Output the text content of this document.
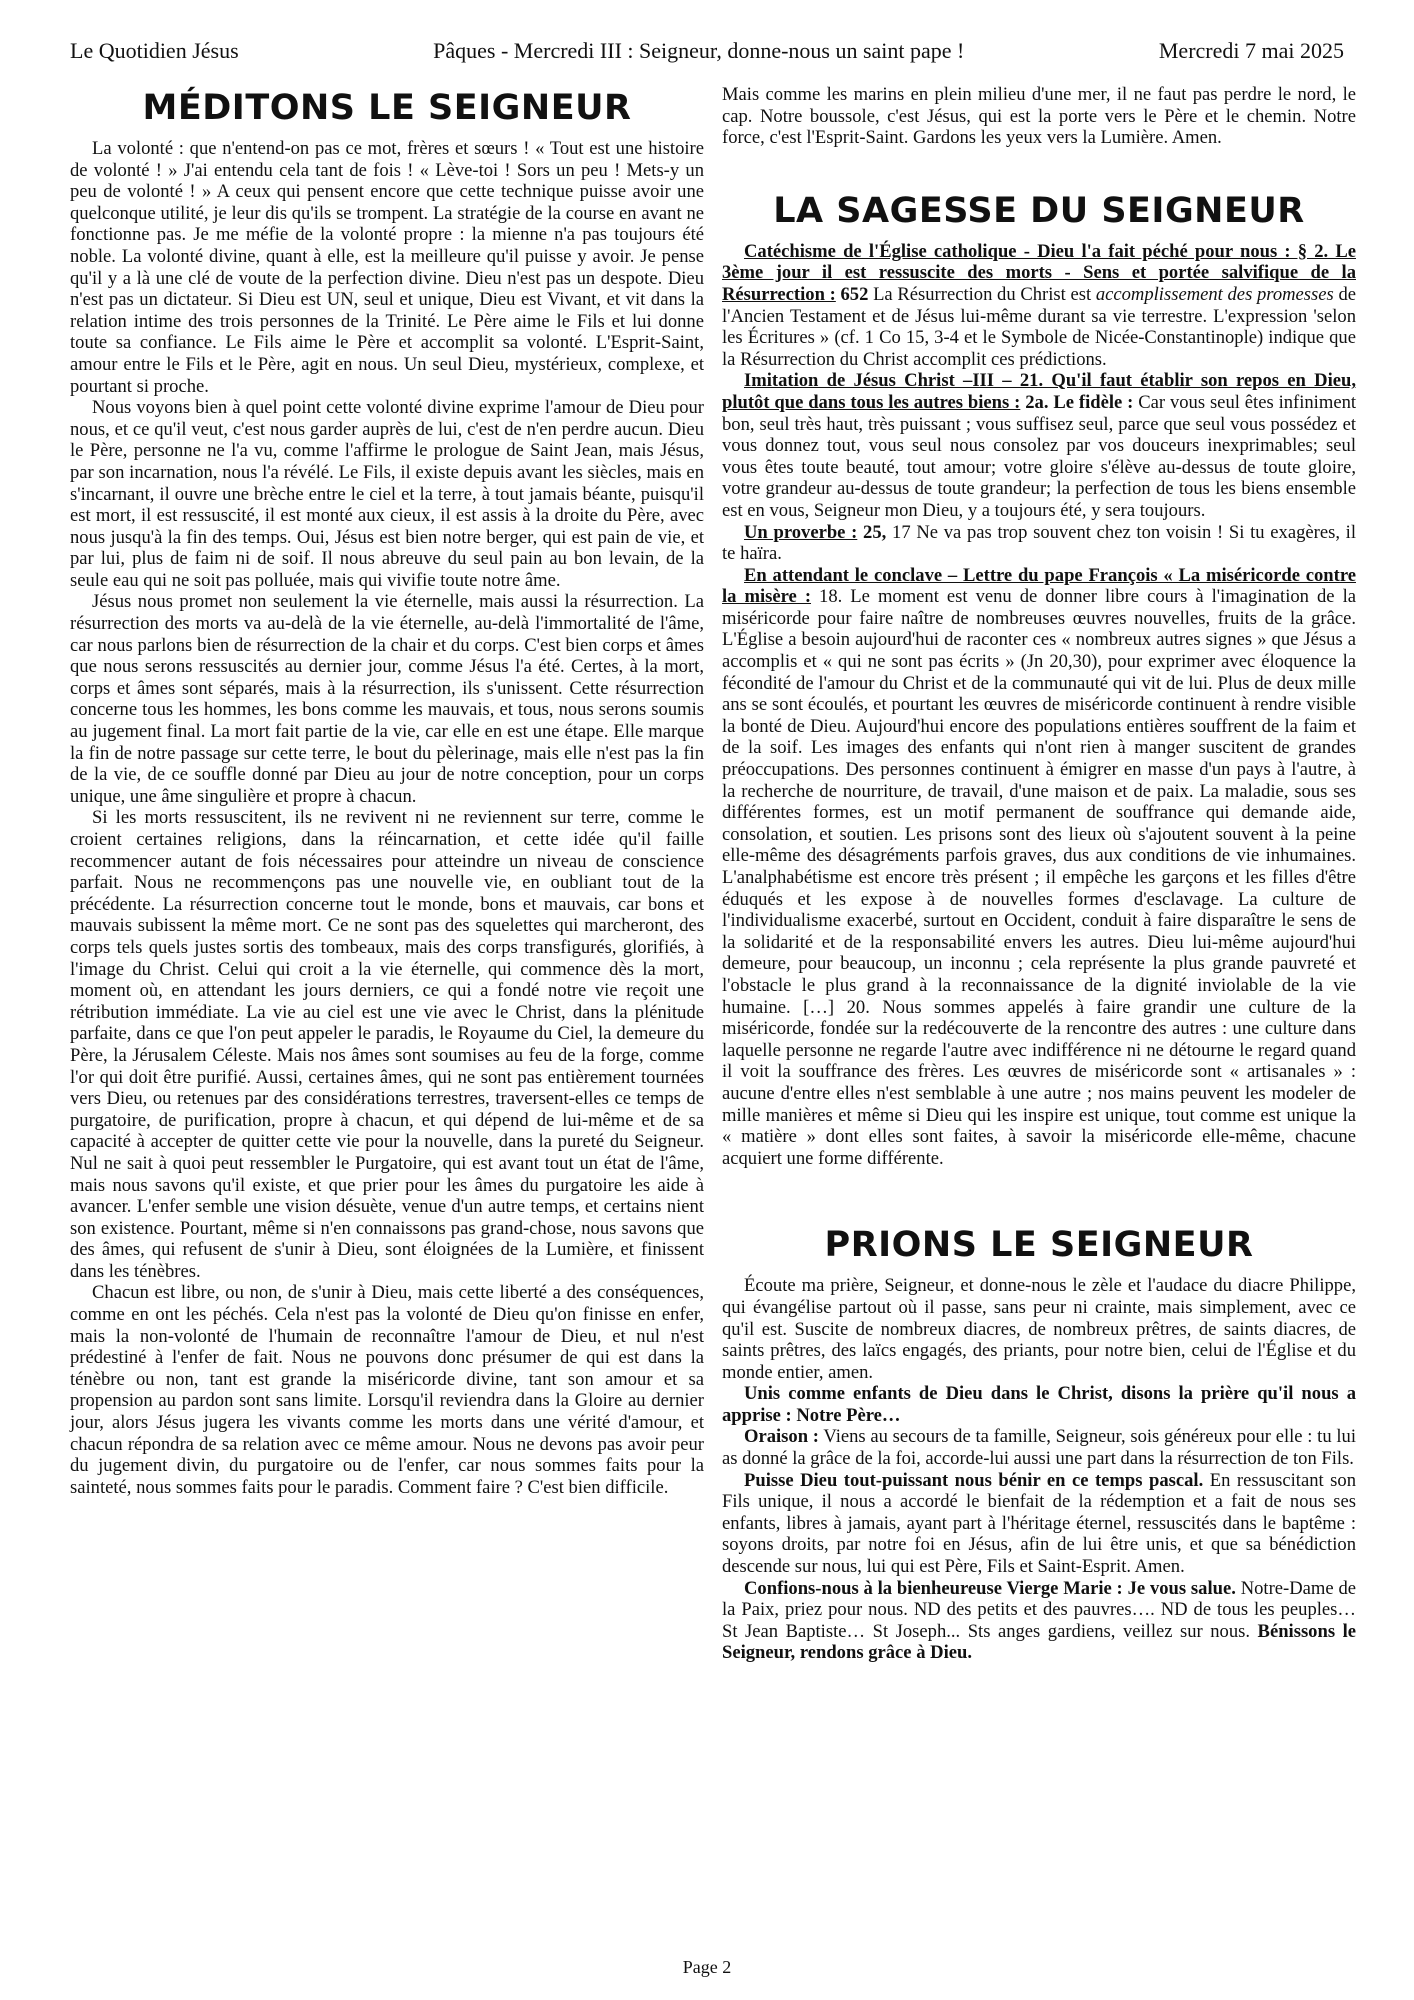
Le Quotidien Jésus	Pâques - Mercredi III : Seigneur, donne-nous un saint pape !	Mercredi 7 mai 2025
MÉDITONS LE SEIGNEUR

La volonté : que n'entend-on pas ce mot, frères et sœurs ! « Tout est une histoire de volonté ! » J'ai entendu cela tant de fois ! « Lève-toi ! Sors un peu ! Mets-y un peu de volonté ! » A ceux qui pensent encore que cette technique puisse avoir une quelconque utilité, je leur dis qu'ils se trompent. La stratégie de la course en avant ne fonctionne pas. Je me méfie de la volonté propre : la mienne n'a pas toujours été noble. La volonté divine, quant à elle, est la meilleure qu'il puisse y avoir. Je pense qu'il y a là une clé de voute de la perfection divine. Dieu n'est pas un despote. Dieu n'est pas un dictateur. Si Dieu est UN, seul et unique, Dieu est Vivant, et vit dans la relation intime des trois personnes de la Trinité. Le Père aime le Fils et lui donne toute sa confiance. Le Fils aime le Père et accomplit sa volonté. L'Esprit-Saint, amour entre le Fils et le Père, agit en nous. Un seul Dieu, mystérieux, complexe, et pourtant si proche.

Nous voyons bien à quel point cette volonté divine exprime l'amour de Dieu pour nous, et ce qu'il veut, c'est nous garder auprès de lui, c'est de n'en perdre aucun. Dieu le Père, personne ne l'a vu, comme l'affirme le prologue de Saint Jean, mais Jésus, par son incarnation, nous l'a révélé. Le Fils, il existe depuis avant les siècles, mais en s'incarnant, il ouvre une brèche entre le ciel et la terre, à tout jamais béante, puisqu'il est mort, il est ressuscité, il est monté aux cieux, il est assis à la droite du Père, avec nous jusqu'à la fin des temps. Oui, Jésus est bien notre berger, qui est pain de vie, et par lui, plus de faim ni de soif. Il nous abreuve du seul pain au bon levain, de la seule eau qui ne soit pas polluée, mais qui vivifie toute notre âme.

Jésus nous promet non seulement la vie éternelle, mais aussi la résurrection. La résurrection des morts va au-delà de la vie éternelle, au-delà l'immortalité de l'âme, car nous parlons bien de résurrection de la chair et du corps. C'est bien corps et âmes que nous serons ressuscités au dernier jour, comme Jésus l'a été. Certes, à la mort, corps et âmes sont séparés, mais à la résurrection, ils s'unissent. Cette résurrection concerne tous les hommes, les bons comme les mauvais, et tous, nous serons soumis au jugement final. La mort fait partie de la vie, car elle en est une étape. Elle marque la fin de notre passage sur cette terre, le bout du pèlerinage, mais elle n'est pas la fin de la vie, de ce souffle donné par Dieu au jour de notre conception, pour un corps unique, une âme singulière et propre à chacun.

Si les morts ressuscitent, ils ne revivent ni ne reviennent sur terre, comme le croient certaines religions, dans la réincarnation, et cette idée qu'il faille recommencer autant de fois nécessaires pour atteindre un niveau de conscience parfait. Nous ne recommençons pas une nouvelle vie, en oubliant tout de la précédente. La résurrection concerne tout le monde, bons et mauvais, car bons et mauvais subissent la même mort. Ce ne sont pas des squelettes qui marcheront, des corps tels quels justes sortis des tombeaux, mais des corps transfigurés, glorifiés, à l'image du Christ. Celui qui croit a la vie éternelle, qui commence dès la mort, moment où, en attendant les jours derniers, ce qui a fondé notre vie reçoit une rétribution immédiate. La vie au ciel est une vie avec le Christ, dans la plénitude parfaite, dans ce que l'on peut appeler le paradis, le Royaume du Ciel, la demeure du Père, la Jérusalem Céleste. Mais nos âmes sont soumises au feu de la forge, comme l'or qui doit être purifié. Aussi, certaines âmes, qui ne sont pas entièrement tournées vers Dieu, ou retenues par des considérations terrestres, traversent-elles ce temps de purgatoire, de purification, propre à chacun, et qui dépend de lui-même et de sa capacité à accepter de quitter cette vie pour la nouvelle, dans la pureté du Seigneur. Nul ne sait à quoi peut ressembler le Purgatoire, qui est avant tout un état de l'âme, mais nous savons qu'il existe, et que prier pour les âmes du purgatoire les aide à avancer. L'enfer semble une vision désuète, venue d'un autre temps, et certains nient son existence. Pourtant, même si n'en connaissons pas grand-chose, nous savons que des âmes, qui refusent de s'unir à Dieu, sont éloignées de la Lumière, et finissent dans les ténèbres.

Chacun est libre, ou non, de s'unir à Dieu, mais cette liberté a des conséquences, comme en ont les péchés. Cela n'est pas la volonté de Dieu qu'on finisse en enfer, mais la non-volonté de l'humain de reconnaître l'amour de Dieu, et nul n'est prédestiné à l'enfer de fait. Nous ne pouvons donc présumer de qui est dans la ténèbre ou non, tant est grande la miséricorde divine, tant son amour et sa propension au pardon sont sans limite. Lorsqu'il reviendra dans la Gloire au dernier jour, alors Jésus jugera les vivants comme les morts dans une vérité d'amour, et chacun répondra de sa relation avec ce même amour. Nous ne devons pas avoir peur du jugement divin, du purgatoire ou de l'enfer, car nous sommes faits pour la sainteté, nous sommes faits pour le paradis. Comment faire ? C'est bien difficile.

Mais comme les marins en plein milieu d'une mer, il ne faut pas perdre le nord, le cap. Notre boussole, c'est Jésus, qui est la porte vers le Père et le chemin. Notre force, c'est l'Esprit-Saint. Gardons les yeux vers la Lumière. Amen.

LA SAGESSE DU SEIGNEUR

Catéchisme de l'Église catholique - Dieu l'a fait péché pour nous : § 2. Le 3ème jour il est ressuscite des morts - Sens et portée salvifique de la Résurrection : 652 La Résurrection du Christ est accomplissement des promesses de l'Ancien Testament et de Jésus lui-même durant sa vie terrestre. L'expression 'selon les Écritures » (cf. 1 Co 15, 3-4 et le Symbole de Nicée-Constantinople) indique que la Résurrection du Christ accomplit ces prédictions.

Imitation de Jésus Christ –III – 21. Qu'il faut établir son repos en Dieu, plutôt que dans tous les autres biens : 2a. Le fidèle : Car vous seul êtes infiniment bon, seul très haut, très puissant ; vous suffisez seul, parce que seul vous possédez et vous donnez tout, vous seul nous consolez par vos douceurs inexprimables; seul vous êtes toute beauté, tout amour; votre gloire s'élève au-dessus de toute gloire, votre grandeur au-dessus de toute grandeur; la perfection de tous les biens ensemble est en vous, Seigneur mon Dieu, y a toujours été, y sera toujours.

Un proverbe : 25, 17 Ne va pas trop souvent chez ton voisin ! Si tu exagères, il te haïra.

En attendant le conclave – Lettre du pape François « La miséricorde contre la misère : 18. Le moment est venu de donner libre cours à l'imagination de la miséricorde pour faire naître de nombreuses œuvres nouvelles, fruits de la grâce. L'Église a besoin aujourd'hui de raconter ces « nombreux autres signes » que Jésus a accomplis et « qui ne sont pas écrits » (Jn 20,30), pour exprimer avec éloquence la fécondité de l'amour du Christ et de la communauté qui vit de lui. Plus de deux mille ans se sont écoulés, et pourtant les œuvres de miséricorde continuent à rendre visible la bonté de Dieu. Aujourd'hui encore des populations entières souffrent de la faim et de la soif. Les images des enfants qui n'ont rien à manger suscitent de grandes préoccupations. Des personnes continuent à émigrer en masse d'un pays à l'autre, à la recherche de nourriture, de travail, d'une maison et de paix. La maladie, sous ses différentes formes, est un motif permanent de souffrance qui demande aide, consolation, et soutien. Les prisons sont des lieux où s'ajoutent souvent à la peine elle-même des désagréments parfois graves, dus aux conditions de vie inhumaines. L'analphabétisme est encore très présent ; il empêche les garçons et les filles d'être éduqués et les expose à de nouvelles formes d'esclavage. La culture de l'individualisme exacerbé, surtout en Occident, conduit à faire disparaître le sens de la solidarité et de la responsabilité envers les autres. Dieu lui-même aujourd'hui demeure, pour beaucoup, un inconnu ; cela représente la plus grande pauvreté et l'obstacle le plus grand à la reconnaissance de la dignité inviolable de la vie humaine. […] 20. Nous sommes appelés à faire grandir une culture de la miséricorde, fondée sur la redécouverte de la rencontre des autres : une culture dans laquelle personne ne regarde l'autre avec indifférence ni ne détourne le regard quand il voit la souffrance des frères. Les œuvres de miséricorde sont « artisanales » : aucune d'entre elles n'est semblable à une autre ; nos mains peuvent les modeler de mille manières et même si Dieu qui les inspire est unique, tout comme est unique la « matière » dont elles sont faites, à savoir la miséricorde elle-même, chacune acquiert une forme différente.

PRIONS LE SEIGNEUR

Écoute ma prière, Seigneur, et donne-nous le zèle et l'audace du diacre Philippe, qui évangélise partout où il passe, sans peur ni crainte, mais simplement, avec ce qu'il est. Suscite de nombreux diacres, de nombreux prêtres, de saints diacres, de saints prêtres, des laïcs engagés, des priants, pour notre bien, celui de l'Église et du monde entier, amen.

Unis comme enfants de Dieu dans le Christ, disons la prière qu'il nous a apprise : Notre Père…

Oraison : Viens au secours de ta famille, Seigneur, sois généreux pour elle : tu lui as donné la grâce de la foi, accorde-lui aussi une part dans la résurrection de ton Fils.

Puisse Dieu tout-puissant nous bénir en ce temps pascal. En ressuscitant son Fils unique, il nous a accordé le bienfait de la rédemption et a fait de nous ses enfants, libres à jamais, ayant part à l'héritage éternel, ressuscités dans le baptême : soyons droits, par notre foi en Jésus, afin de lui être unis, et que sa bénédiction descende sur nous, lui qui est Père, Fils et Saint-Esprit. Amen.

Confions-nous à la bienheureuse Vierge Marie : Je vous salue. Notre-Dame de la Paix, priez pour nous. ND des petits et des pauvres…. ND de tous les peuples… St Jean Baptiste… St Joseph... Sts anges gardiens, veillez sur nous. Bénissons le Seigneur, rendons grâce à Dieu.

Page 2
